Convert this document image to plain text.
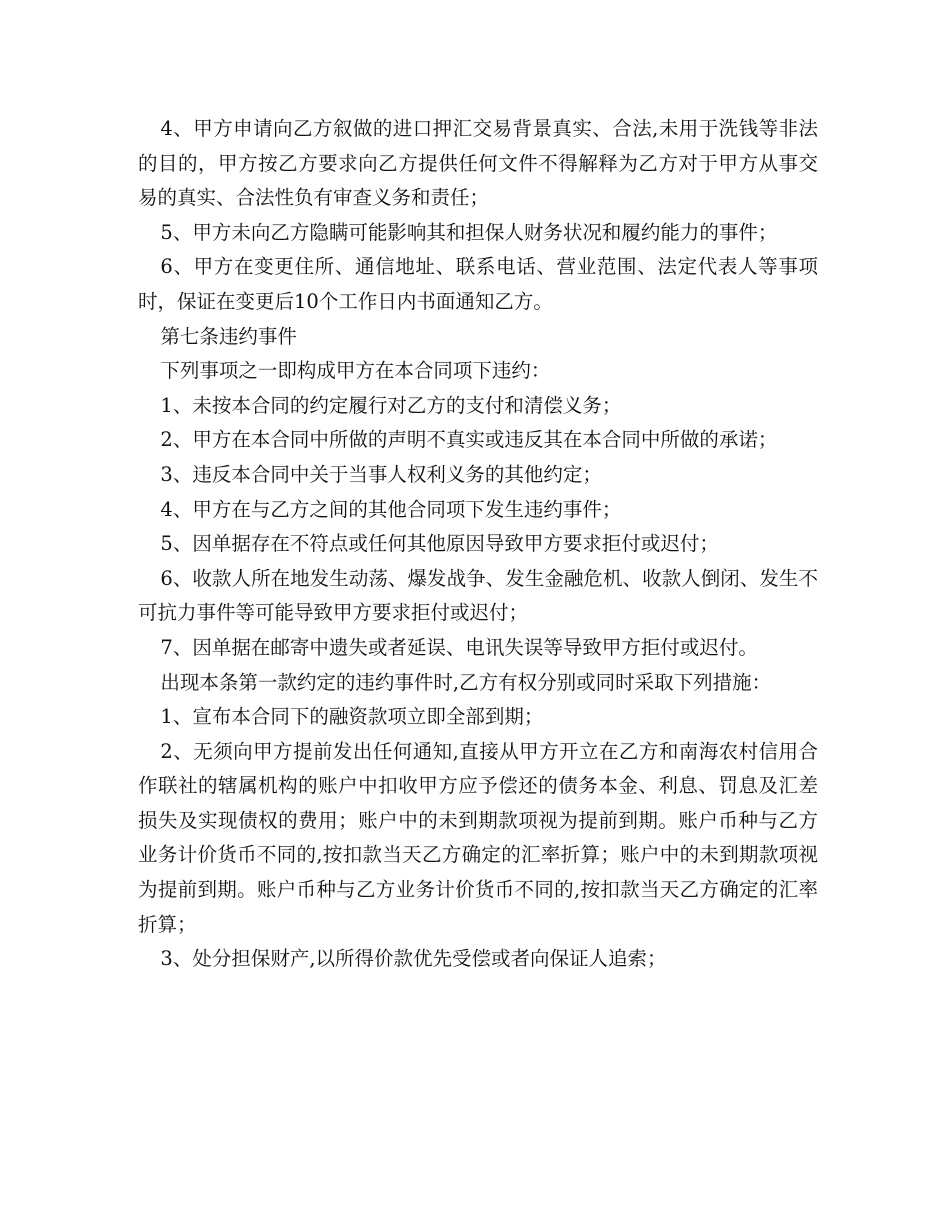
4、甲方申请向乙方叙做的进口押汇交易背景真实、合法,未用于洗钱等非法的目的，甲方按乙方要求向乙方提供任何文件不得解释为乙方对于甲方从事交易的真实、合法性负有审查义务和责任；

5、甲方未向乙方隐瞒可能影响其和担保人财务状况和履约能力的事件；

6、甲方在变更住所、通信地址、联系电话、营业范围、法定代表人等事项时，保证在变更后10个工作日内书面通知乙方。

第七条违约事件

下列事项之一即构成甲方在本合同项下违约：

1、未按本合同的约定履行对乙方的支付和清偿义务；

2、甲方在本合同中所做的声明不真实或违反其在本合同中所做的承诺；

3、违反本合同中关于当事人权利义务的其他约定；

4、甲方在与乙方之间的其他合同项下发生违约事件；

5、因单据存在不符点或任何其他原因导致甲方要求拒付或迟付；

6、收款人所在地发生动荡、爆发战争、发生金融危机、收款人倒闭、发生不可抗力事件等可能导致甲方要求拒付或迟付；

7、因单据在邮寄中遗失或者延误、电讯失误等导致甲方拒付或迟付。

出现本条第一款约定的违约事件时,乙方有权分别或同时采取下列措施：

1、宣布本合同下的融资款项立即全部到期；

2、无须向甲方提前发出任何通知,直接从甲方开立在乙方和南海农村信用合作联社的辖属机构的账户中扣收甲方应予偿还的债务本金、利息、罚息及汇差损失及实现债权的费用；账户中的未到期款项视为提前到期。账户币种与乙方业务计价货币不同的,按扣款当天乙方确定的汇率折算；账户中的未到期款项视为提前到期。账户币种与乙方业务计价货币不同的,按扣款当天乙方确定的汇率折算；

3、处分担保财产,以所得价款优先受偿或者向保证人追索；
